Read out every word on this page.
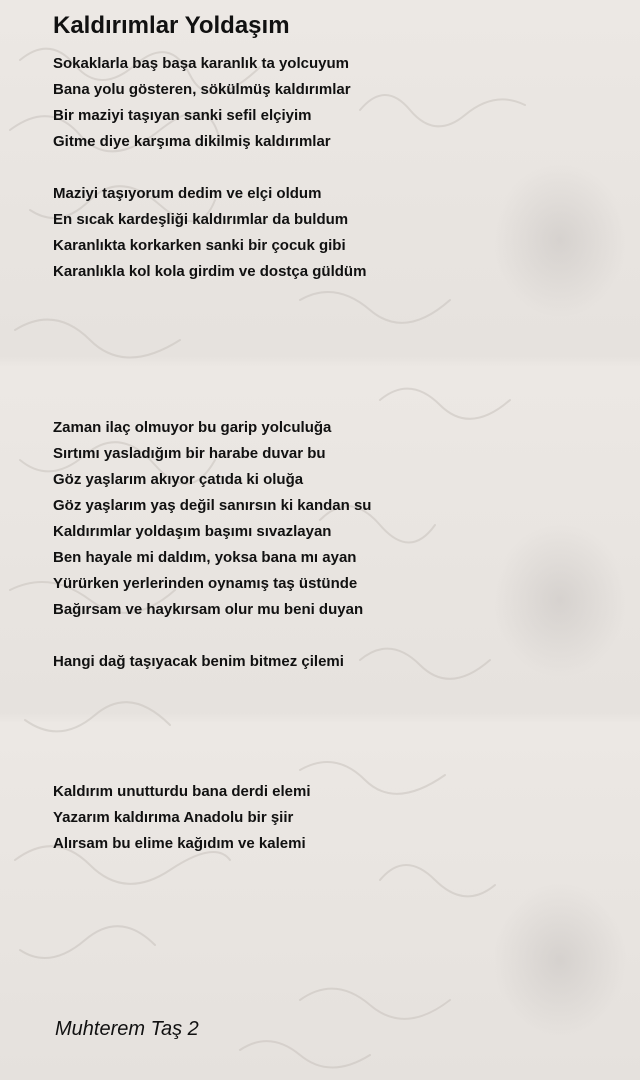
Kaldırımlar Yoldaşım
Sokaklarla baş başa karanlık ta yolcuyum
Bana yolu gösteren, sökülmüş kaldırımlar
Bir maziyi taşıyan sanki sefil elçiyim
Gitme diye karşıma dikilmiş kaldırımlar
Maziyi taşıyorum dedim ve elçi oldum
En sıcak kardeşliği kaldırımlar da buldum
Karanlıkta korkarken sanki bir çocuk gibi
Karanlıkla kol kola girdim ve dostça güldüm
Zaman ilaç olmuyor bu garip yolculuğa
Sırtımı yasladığım bir harabe duvar bu
Göz yaşlarım akıyor çatıda ki oluğa
Göz yaşlarım yaş değil sanırsın ki kandan su
Kaldırımlar yoldaşım başımı sıvazlayan
Ben hayale mi daldım, yoksa bana mı ayan
Yürürken yerlerinden oynamış taş üstünde
Bağırsam ve haykırsam olur mu beni duyan
Hangi dağ taşıyacak benim bitmez çilemi
Kaldırım unutturdu bana derdi elemi
Yazarım kaldırıma Anadolu bir şiir
Alırsam bu elime kağıdım ve kalemi
Muhterem Taş 2
